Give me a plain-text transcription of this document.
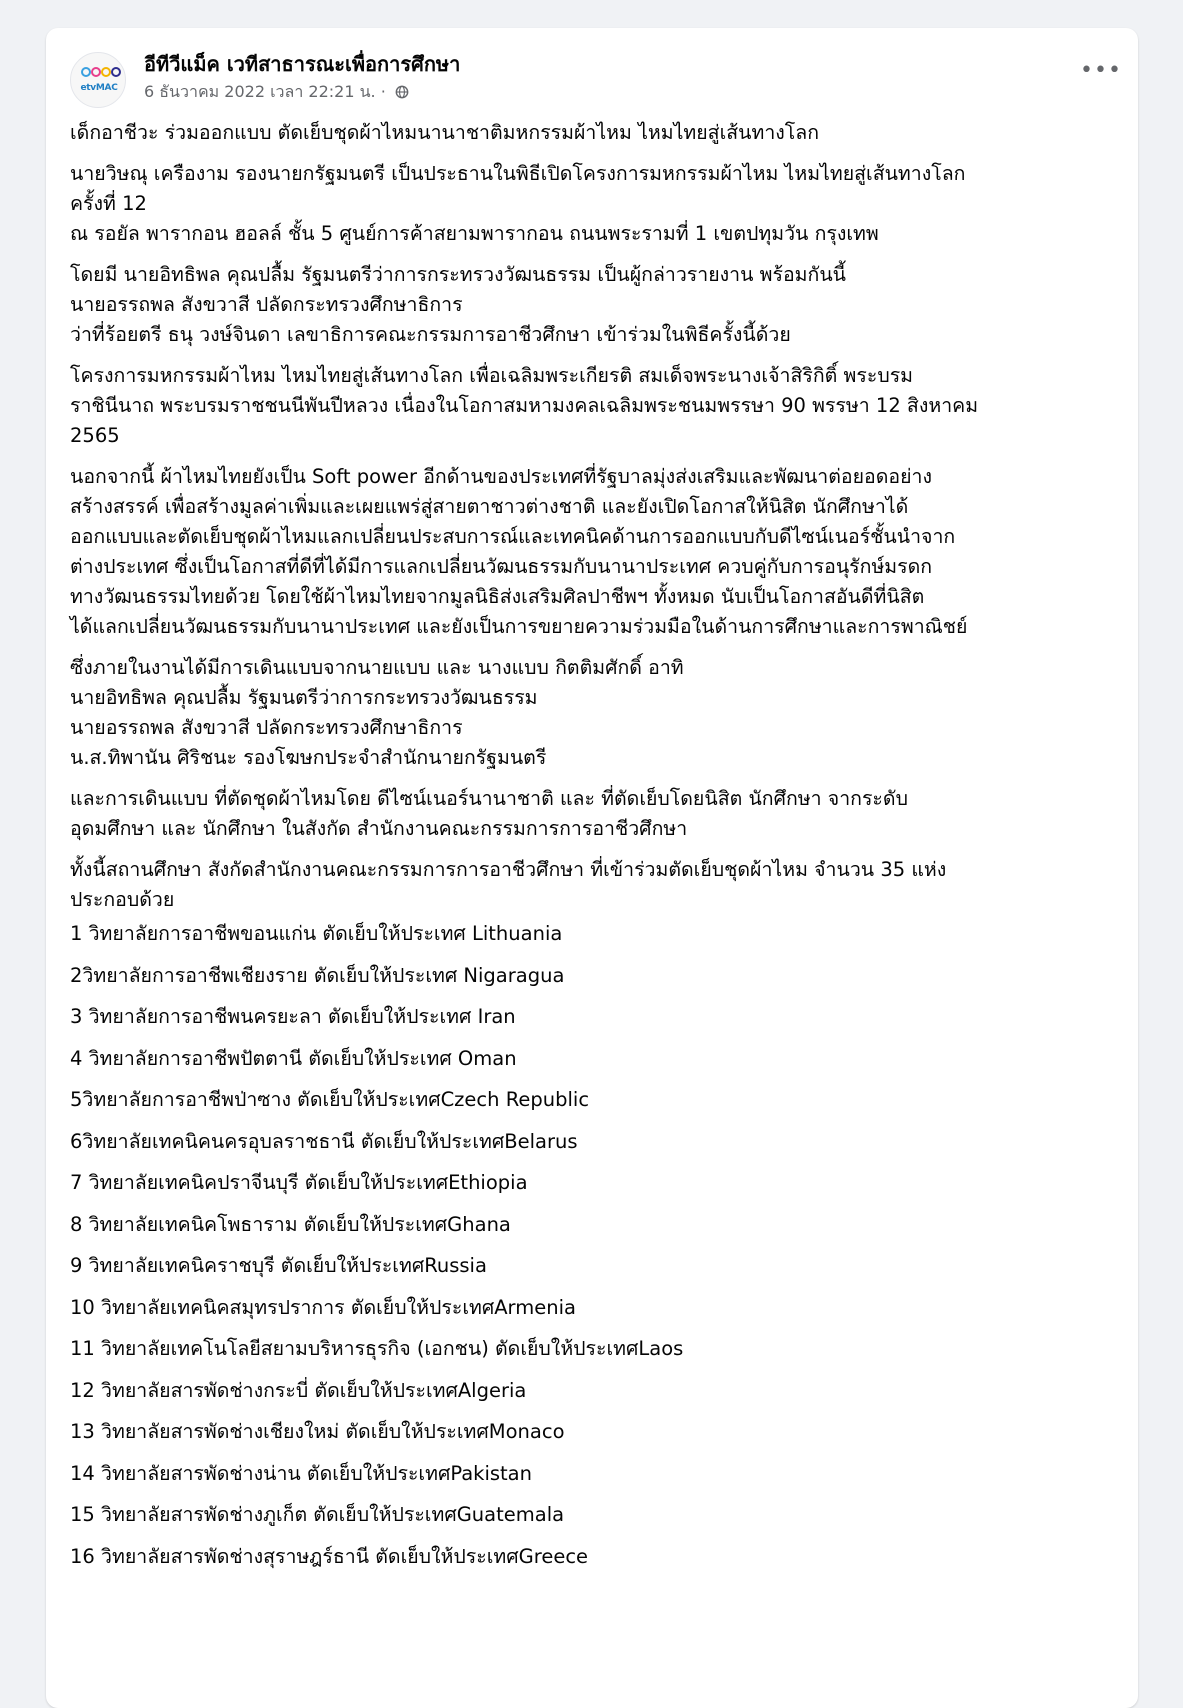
etvMAC
อีทีวีแม็ค เวทีสาธารณะเพื่อการศึกษา
6 ธันวาคม 2022 เวลา 22:21 น. ·
•••

เด็กอาชีวะ ร่วมออกแบบ ตัดเย็บชุดผ้าไหมนานาชาติมหกรรมผ้าไหม ไหมไทยสู่เส้นทางโลก

นายวิษณุ เครืองาม รองนายกรัฐมนตรี เป็นประธานในพิธีเปิดโครงการมหกรรมผ้าไหม ไหมไทยสู่เส้นทางโลก
ครั้งที่ 12
ณ รอยัล พารากอน ฮอลล์ ชั้น 5 ศูนย์การค้าสยามพารากอน ถนนพระรามที่ 1 เขตปทุมวัน กรุงเทพ

โดยมี นายอิทธิพล คุณปลื้ม รัฐมนตรีว่าการกระทรวงวัฒนธรรม เป็นผู้กล่าวรายงาน พร้อมกันนี้
นายอรรถพล สังขวาสี ปลัดกระทรวงศึกษาธิการ
ว่าที่ร้อยตรี ธนุ วงษ์จินดา เลขาธิการคณะกรรมการอาชีวศึกษา เข้าร่วมในพิธีครั้งนี้ด้วย

โครงการมหกรรมผ้าไหม ไหมไทยสู่เส้นทางโลก เพื่อเฉลิมพระเกียรติ สมเด็จพระนางเจ้าสิริกิติ์ พระบรม
ราชินีนาถ พระบรมราชชนนีพันปีหลวง เนื่องในโอกาสมหามงคลเฉลิมพระชนมพรรษา 90 พรรษา 12 สิงหาคม
2565

นอกจากนี้ ผ้าไหมไทยยังเป็น Soft power อีกด้านของประเทศที่รัฐบาลมุ่งส่งเสริมและพัฒนาต่อยอดอย่าง
สร้างสรรค์ เพื่อสร้างมูลค่าเพิ่มและเผยแพร่สู่สายตาชาวต่างชาติ และยังเปิดโอกาสให้นิสิต นักศึกษาได้
ออกแบบและตัดเย็บชุดผ้าไหมแลกเปลี่ยนประสบการณ์และเทคนิคด้านการออกแบบกับดีไซน์เนอร์ชั้นนำจาก
ต่างประเทศ ซึ่งเป็นโอกาสที่ดีที่ได้มีการแลกเปลี่ยนวัฒนธรรมกับนานาประเทศ ควบคู่กับการอนุรักษ์มรดก
ทางวัฒนธรรมไทยด้วย โดยใช้ผ้าไหมไทยจากมูลนิธิส่งเสริมศิลปาชีพฯ ทั้งหมด นับเป็นโอกาสอันดีที่นิสิต
ได้แลกเปลี่ยนวัฒนธรรมกับนานาประเทศ และยังเป็นการขยายความร่วมมือในด้านการศึกษาและการพาณิชย์

ซึ่งภายในงานได้มีการเดินแบบจากนายแบบ และ นางแบบ กิตติมศักดิ์ อาทิ
นายอิทธิพล คุณปลื้ม รัฐมนตรีว่าการกระทรวงวัฒนธรรม
นายอรรถพล สังขวาสี ปลัดกระทรวงศึกษาธิการ
น.ส.ทิพานัน ศิริชนะ รองโฆษกประจำสำนักนายกรัฐมนตรี

และการเดินแบบ ที่ตัดชุดผ้าไหมโดย ดีไซน์เนอร์นานาชาติ และ ที่ตัดเย็บโดยนิสิต นักศึกษา จากระดับ
อุดมศึกษา และ นักศึกษา ในสังกัด สำนักงานคณะกรรมการการอาชีวศึกษา

ทั้งนี้สถานศึกษา สังกัดสำนักงานคณะกรรมการการอาชีวศึกษา ที่เข้าร่วมตัดเย็บชุดผ้าไหม จำนวน 35 แห่ง
ประกอบด้วย

1 วิทยาลัยการอาชีพขอนแก่น ตัดเย็บให้ประเทศ Lithuania
2วิทยาลัยการอาชีพเชียงราย ตัดเย็บให้ประเทศ Nigaragua
3 วิทยาลัยการอาชีพนครยะลา ตัดเย็บให้ประเทศ Iran
4 วิทยาลัยการอาชีพปัตตานี ตัดเย็บให้ประเทศ Oman
5วิทยาลัยการอาชีพป่าซาง ตัดเย็บให้ประเทศCzech Republic
6วิทยาลัยเทคนิคนครอุบลราชธานี ตัดเย็บให้ประเทศBelarus
7 วิทยาลัยเทคนิคปราจีนบุรี ตัดเย็บให้ประเทศEthiopia
8 วิทยาลัยเทคนิคโพธาราม ตัดเย็บให้ประเทศGhana
9 วิทยาลัยเทคนิคราชบุรี ตัดเย็บให้ประเทศRussia
10 วิทยาลัยเทคนิคสมุทรปราการ ตัดเย็บให้ประเทศArmenia
11 วิทยาลัยเทคโนโลยีสยามบริหารธุรกิจ (เอกชน) ตัดเย็บให้ประเทศLaos
12 วิทยาลัยสารพัดช่างกระบี่ ตัดเย็บให้ประเทศAlgeria
13 วิทยาลัยสารพัดช่างเชียงใหม่ ตัดเย็บให้ประเทศMonaco
14 วิทยาลัยสารพัดช่างน่าน ตัดเย็บให้ประเทศPakistan
15 วิทยาลัยสารพัดช่างภูเก็ต ตัดเย็บให้ประเทศGuatemala
16 วิทยาลัยสารพัดช่างสุราษฎร์ธานี ตัดเย็บให้ประเทศGreece
